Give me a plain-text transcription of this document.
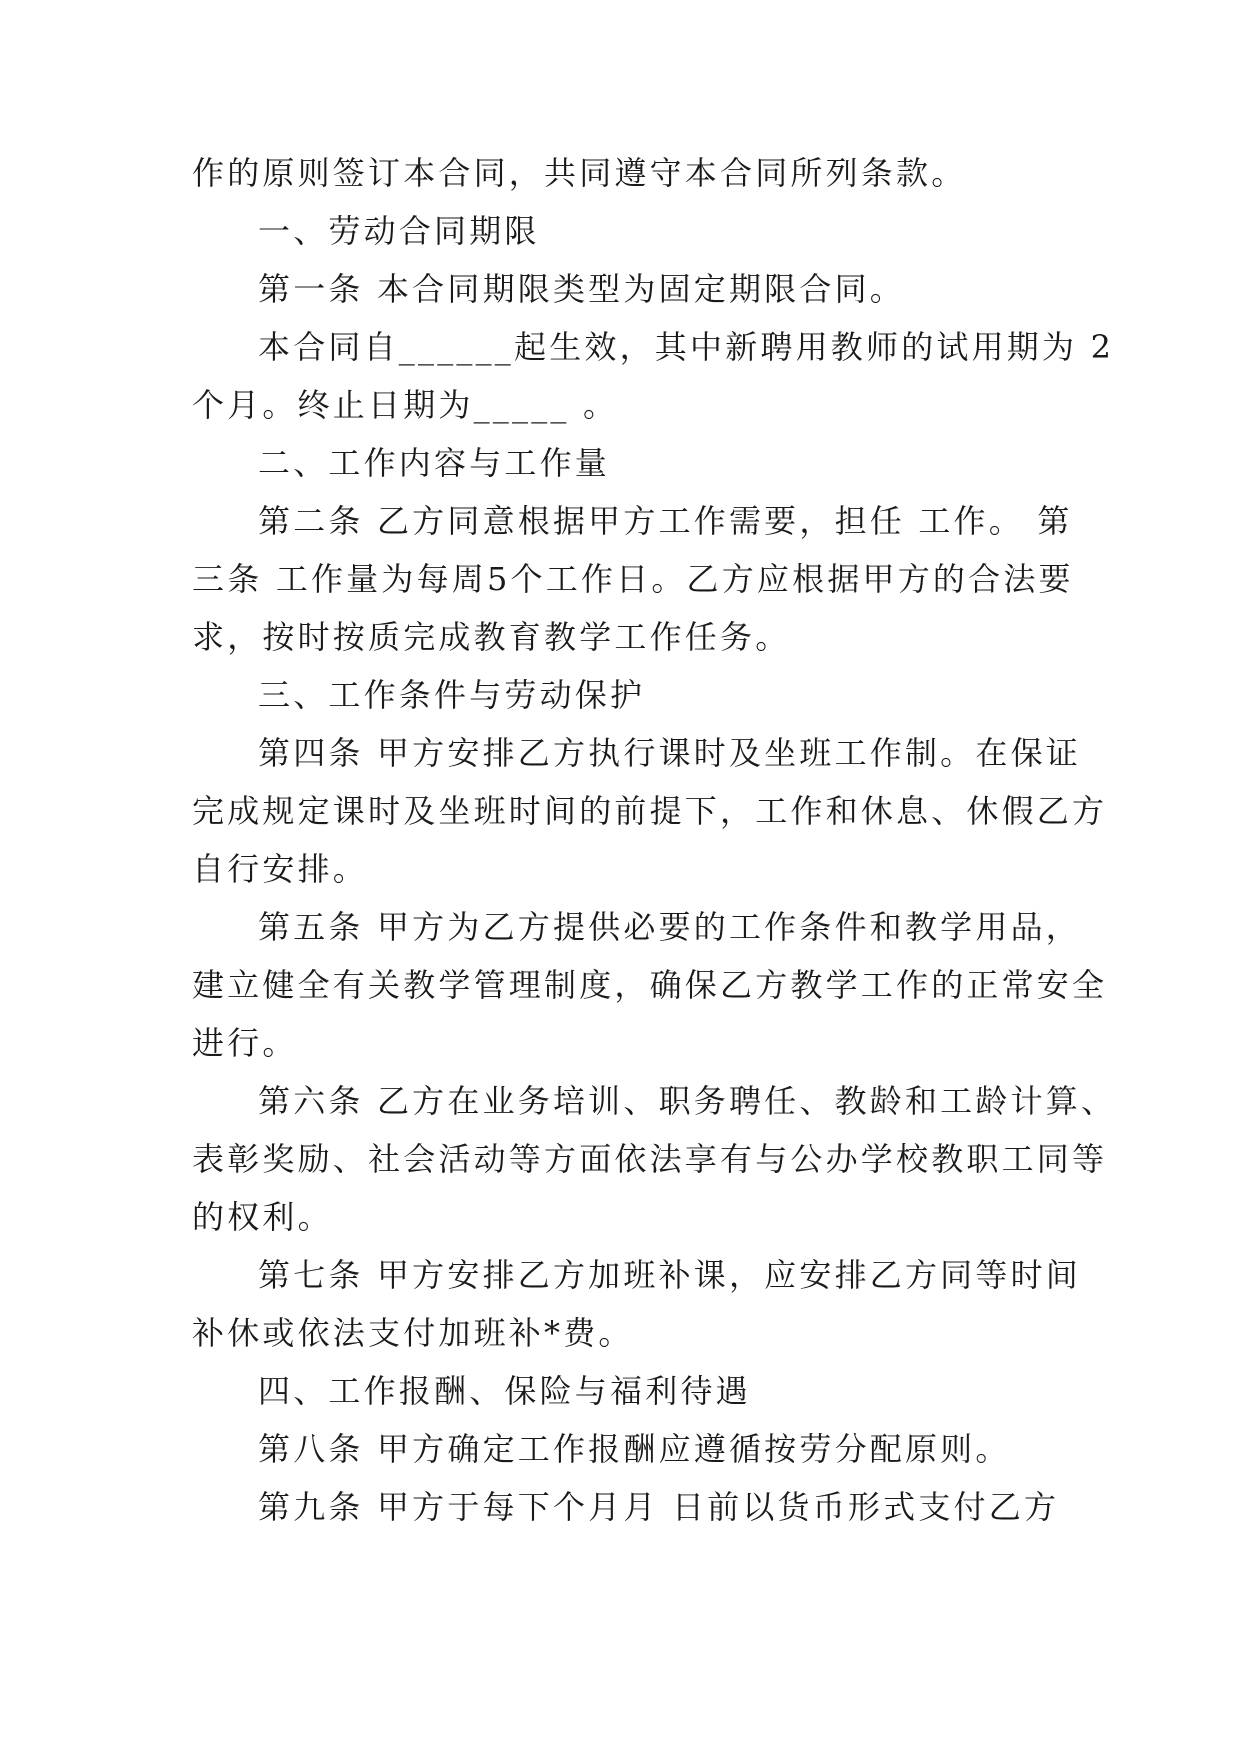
作的原则签订本合同，共同遵守本合同所列条款。
一、劳动合同期限
第一条 本合同期限类型为固定期限合同。
本合同自______起生效，其中新聘用教师的试用期为 2
个月。终止日期为_____ 。
二、工作内容与工作量
第二条 乙方同意根据甲方工作需要，担任 工作。 第
三条 工作量为每周5个工作日。乙方应根据甲方的合法要
求，按时按质完成教育教学工作任务。
三、工作条件与劳动保护
第四条 甲方安排乙方执行课时及坐班工作制。在保证
完成规定课时及坐班时间的前提下，工作和休息、休假乙方
自行安排。
第五条 甲方为乙方提供必要的工作条件和教学用品，
建立健全有关教学管理制度，确保乙方教学工作的正常安全
进行。
第六条 乙方在业务培训、职务聘任、教龄和工龄计算、
表彰奖励、社会活动等方面依法享有与公办学校教职工同等
的权利。
第七条 甲方安排乙方加班补课，应安排乙方同等时间
补休或依法支付加班补*费。
四、工作报酬、保险与福利待遇
第八条 甲方确定工作报酬应遵循按劳分配原则。
第九条 甲方于每下个月月 日前以货币形式支付乙方
